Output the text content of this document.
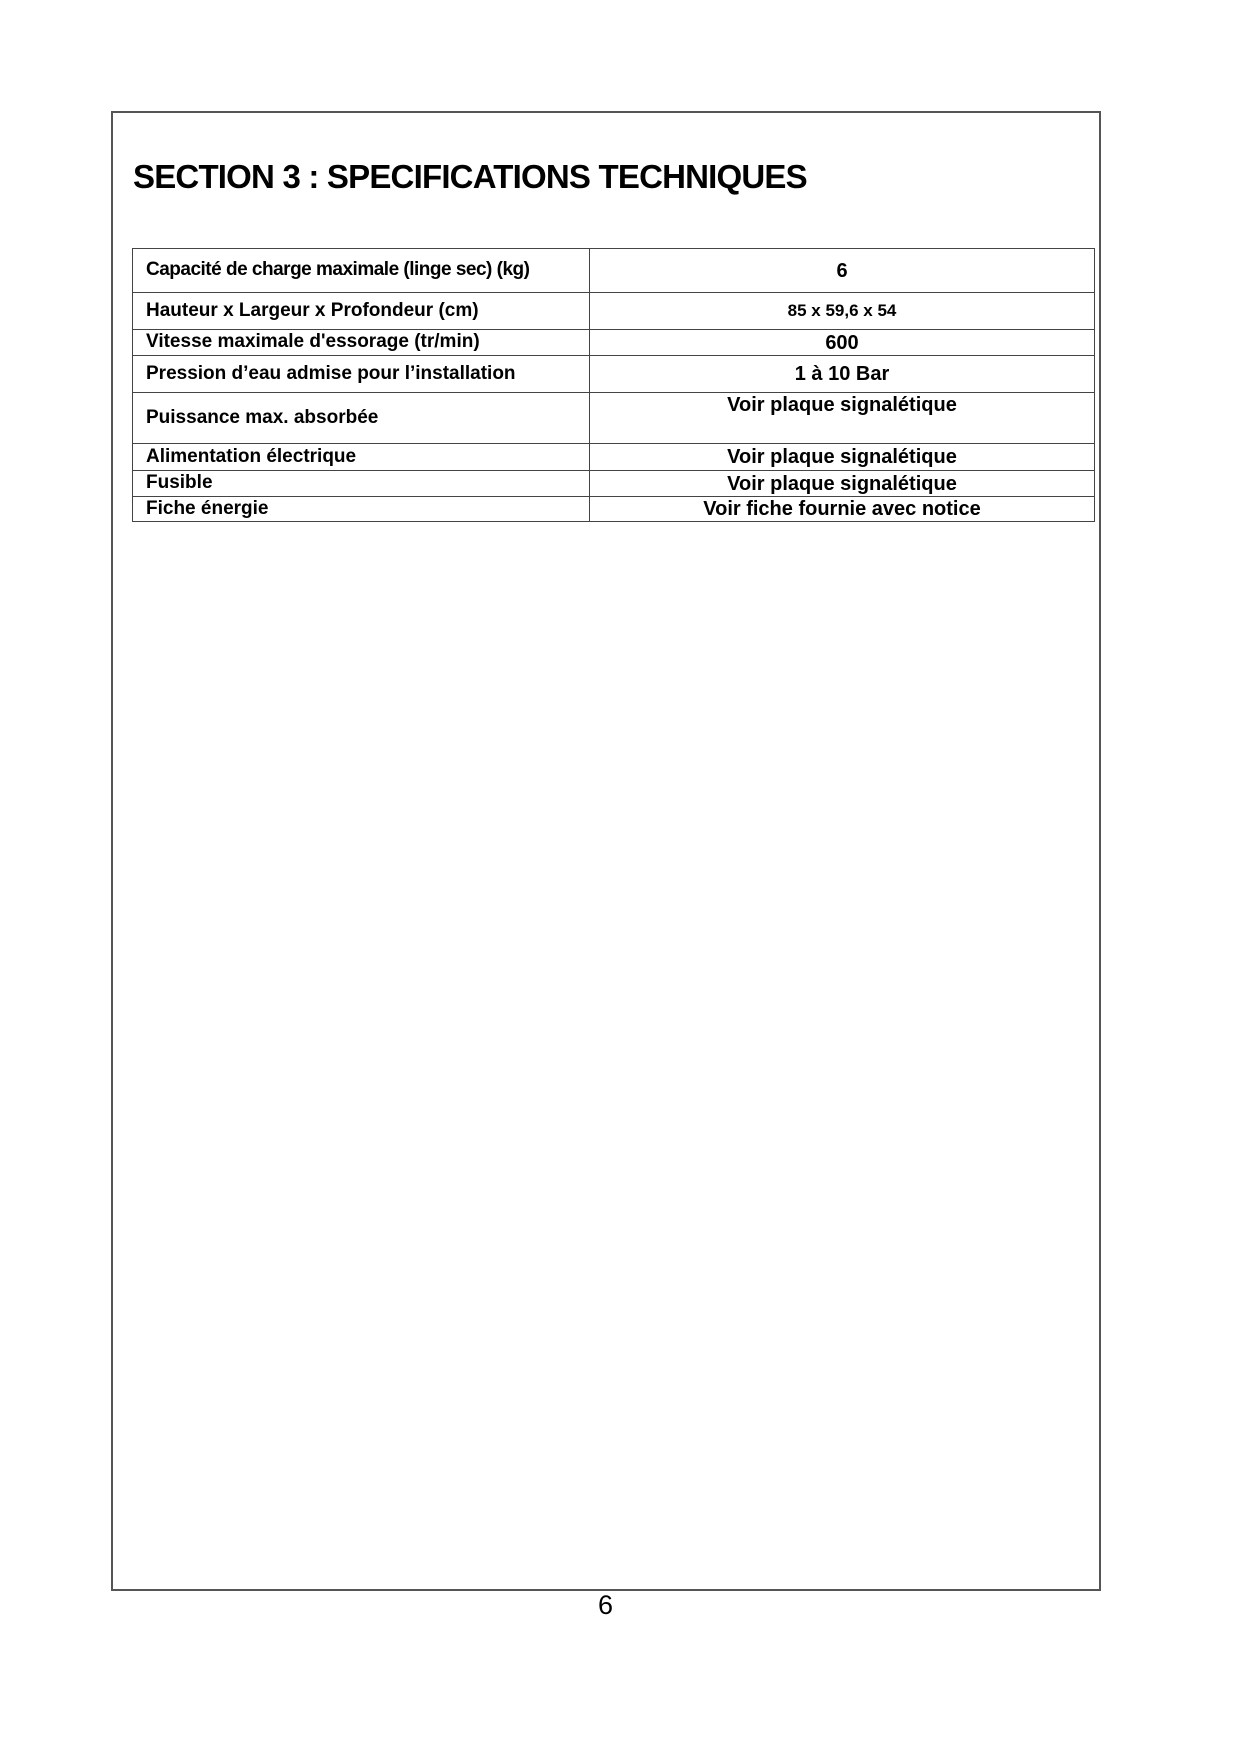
SECTION 3 : SPECIFICATIONS TECHNIQUES
Capacité de charge maximale (linge sec) (kg)	6
Hauteur x Largeur x Profondeur (cm)	85 x 59,6 x 54
Vitesse maximale d'essorage (tr/min)	600
Pression d’eau admise pour l’installation	1 à 10 Bar
Puissance max. absorbée	Voir plaque signalétique
Alimentation électrique	Voir plaque signalétique
Fusible	Voir plaque signalétique
Fiche énergie	Voir fiche fournie avec notice
6
